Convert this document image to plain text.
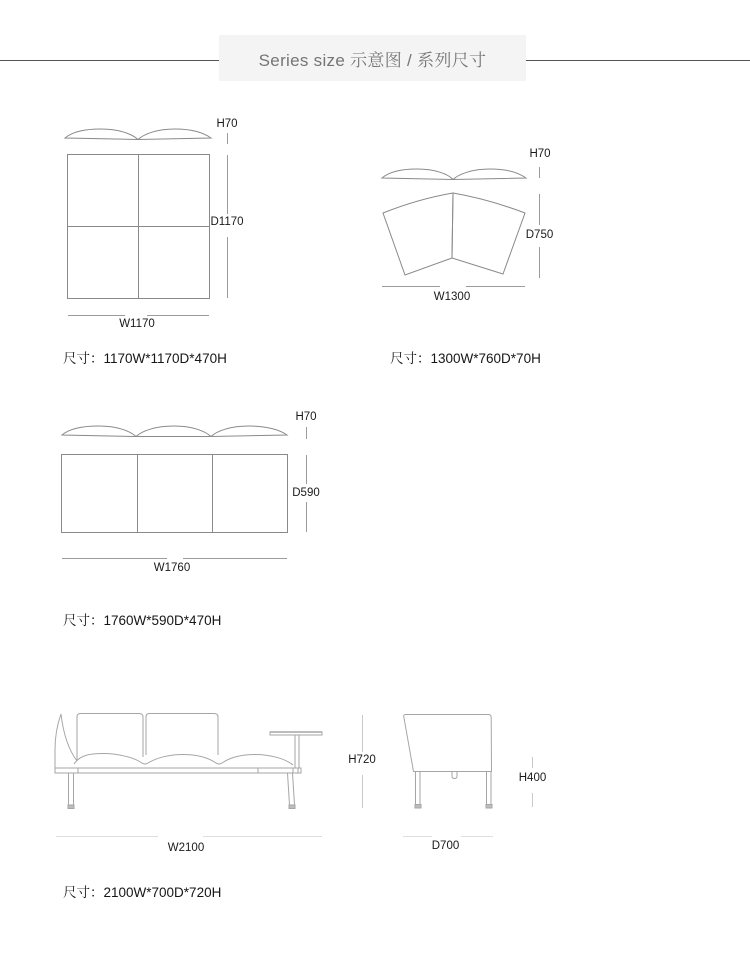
Series size 示意图 / 系列尺寸
H70
D1170
W1170
尺寸：1170W*1170D*470H
H70
D750
W1300
尺寸：1300W*760D*70H
H70
D590
W1760
尺寸：1760W*590D*470H
W2100
H720
D700
H400
尺寸：2100W*700D*720H
